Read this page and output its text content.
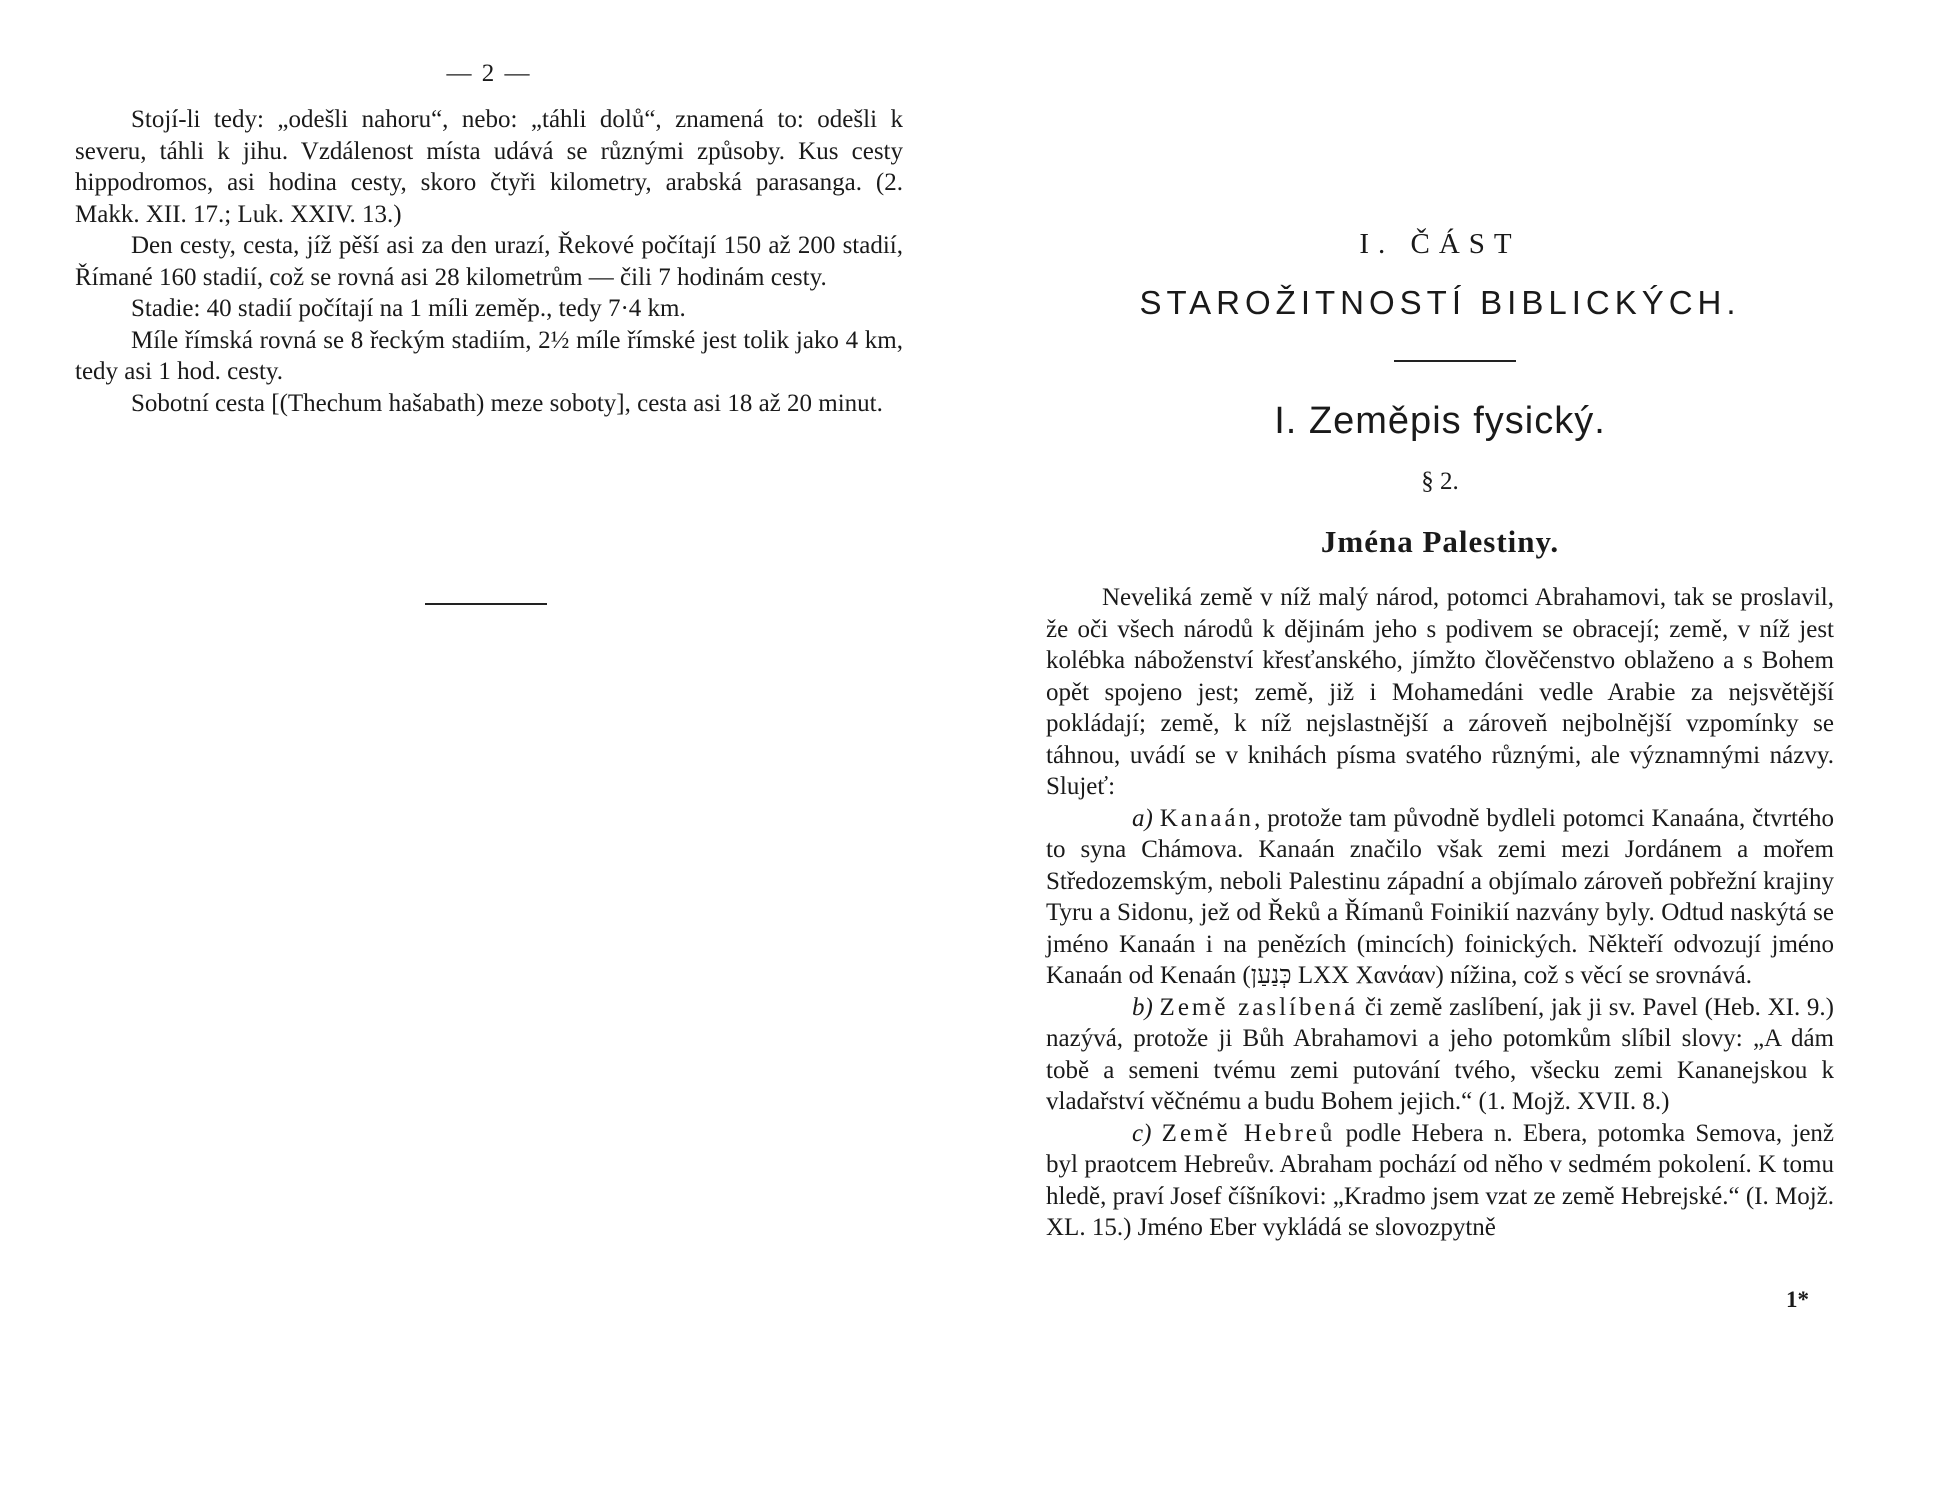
— 2 —

Stojí-li tedy: „odešli nahoru“, nebo: „táhli dolů“, znamená to: odešli k severu, táhli k jihu. Vzdálenost místa udává se různými způsoby. Kus cesty hippodromos, asi hodina cesty, skoro čtyři kilometry, arabská parasanga. (2. Makk. XII. 17.; Luk. XXIV. 13.)

Den cesty, cesta, jíž pěší asi za den urazí, Řekové počítají 150 až 200 stadií, Římané 160 stadií, což se rovná asi 28 kilometrům — čili 7 hodinám cesty.

Stadie: 40 stadií počítají na 1 míli zeměp., tedy 7·4 km.

Míle římská rovná se 8 řeckým stadiím, 2½ míle římské jest tolik jako 4 km, tedy asi 1 hod. cesty.

Sobotní cesta [(Thechum hašabath) meze soboty], cesta asi 18 až 20 minut.

I. ČÁST
STAROŽITNOSTÍ BIBLICKÝCH.
I. Zeměpis fysický.
§ 2.
Jména Palestiny.

Neveliká země v níž malý národ, potomci Abrahamovi, tak se proslavil, že oči všech národů k dějinám jeho s podivem se obracejí; země, v níž jest kolébka náboženství křesťanského, jímžto člověčenstvo oblaženo a s Bohem opět spojeno jest; země, již i Mohamedáni vedle Arabie za nejsvětější pokládají; země, k níž nejslastnější a zároveň nejbolnější vzpomínky se táhnou, uvádí se v knihách písma svatého různými, ale významnými názvy. Slujeť:

a) Kanaán, protože tam původně bydleli potomci Kanaána, čtvrtého to syna Chámova. Kanaán značilo však zemi mezi Jordánem a mořem Středozemským, neboli Palestinu západní a objímalo zároveň pobřežní krajiny Tyru a Sidonu, jež od Řeků a Římanů Foinikií nazvány byly. Odtud naskýtá se jméno Kanaán i na penězích (mincích) foinických. Někteří odvozují jméno Kanaán od Kenaán (כְּנַעַן LXX Χανάαν) nížina, což s věcí se srovnává.

b) Země zaslíbená či země zaslíbení, jak ji sv. Pavel (Heb. XI. 9.) nazývá, protože ji Bůh Abrahamovi a jeho potomkům slíbil slovy: „A dám tobě a semeni tvému zemi putování tvého, všecku zemi Kananejskou k vladařství věčnému a budu Bohem jejich.“ (1. Mojž. XVII. 8.)

c) Země Hebreů podle Hebera n. Ebera, potomka Semova, jenž byl praotcem Hebreův. Abraham pochází od něho v sedmém pokolení. K tomu hledě, praví Josef číšníkovi: „Kradmo jsem vzat ze země Hebrejské.“ (I. Mojž. XL. 15.) Jméno Eber vykládá se slovozpytně

1*
